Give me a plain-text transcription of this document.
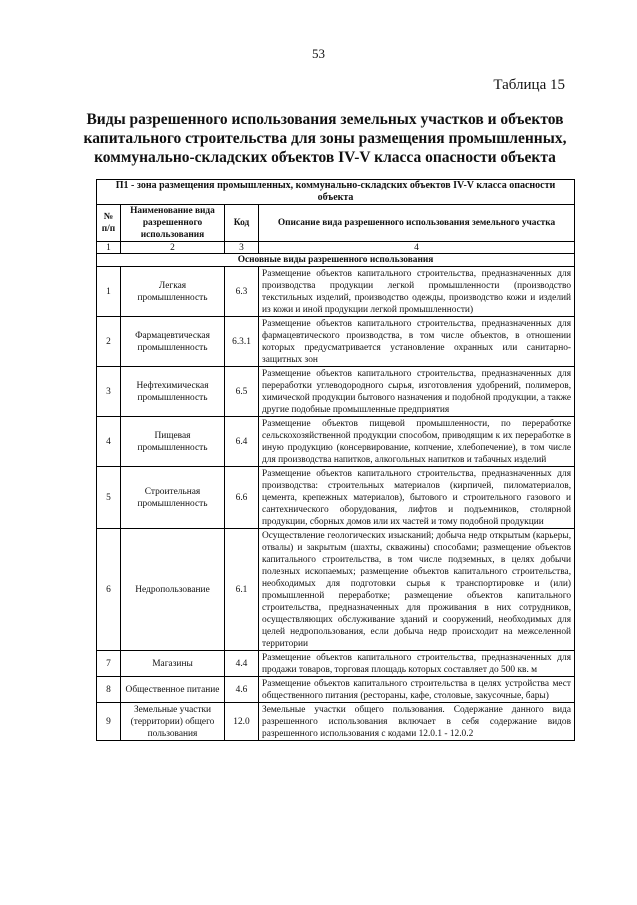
53
Таблица 15
Виды разрешенного использования земельных участков и объектов капитального строительства для зоны размещения промышленных, коммунально-складских объектов IV-V класса опасности объекта
П1 - зона размещения промышленных, коммунально-складских объектов IV-V класса опасности объекта			
№ п/п	Наименование вида разрешенного использования	Код	Описание вида разрешенного использования земельного участка
1	2	3	4
Основные виды разрешенного использования			
1	Легкая промышленность	6.3	Размещение объектов капитального строительства, предназначенных для производства продукции легкой промышленности (производство текстильных изделий, производство одежды, производство кожи и изделий из кожи и иной продукции легкой промышленности)
2	Фармацевтическая промышленность	6.3.1	Размещение объектов капитального строительства, предназначенных для фармацевтического производства, в том числе объектов, в отношении которых предусматривается установление охранных или санитарно-защитных зон
3	Нефтехимическая промышленность	6.5	Размещение объектов капитального строительства, предназначенных для переработки углеводородного сырья, изготовления удобрений, полимеров, химической продукции бытового назначения и подобной продукции, а также другие подобные промышленные предприятия
4	Пищевая промышленность	6.4	Размещение объектов пищевой промышленности, по переработке сельскохозяйственной продукции способом, приводящим к их переработке в иную продукцию (консервирование, копчение, хлебопечение), в том числе для производства напитков, алкогольных напитков и табачных изделий
5	Строительная промышленность	6.6	Размещение объектов капитального строительства, предназначенных для производства: строительных материалов (кирпичей, пиломатериалов, цемента, крепежных материалов), бытового и строительного газового и сантехнического оборудования, лифтов и подъемников, столярной продукции, сборных домов или их частей и тому подобной продукции
6	Недропользование	6.1	Осуществление геологических изысканий; добыча недр открытым (карьеры, отвалы) и закрытым (шахты, скважины) способами; размещение объектов капитального строительства, в том числе подземных, в целях добычи полезных ископаемых; размещение объектов капитального строительства, необходимых для подготовки сырья к транспортировке и (или) промышленной переработке; размещение объектов капитального строительства, предназначенных для проживания в них сотрудников, осуществляющих обслуживание зданий и сооружений, необходимых для целей недропользования, если добыча недр происходит на межселенной территории
7	Магазины	4.4	Размещение объектов капитального строительства, предназначенных для продажи товаров, торговая площадь которых составляет до 500 кв. м
8	Общественное питание	4.6	Размещение объектов капитального строительства в целях устройства мест общественного питания (рестораны, кафе, столовые, закусочные, бары)
9	Земельные участки (территории) общего пользования	12.0	Земельные участки общего пользования. Содержание данного вида разрешенного использования включает в себя содержание видов разрешенного использования с кодами 12.0.1 - 12.0.2
